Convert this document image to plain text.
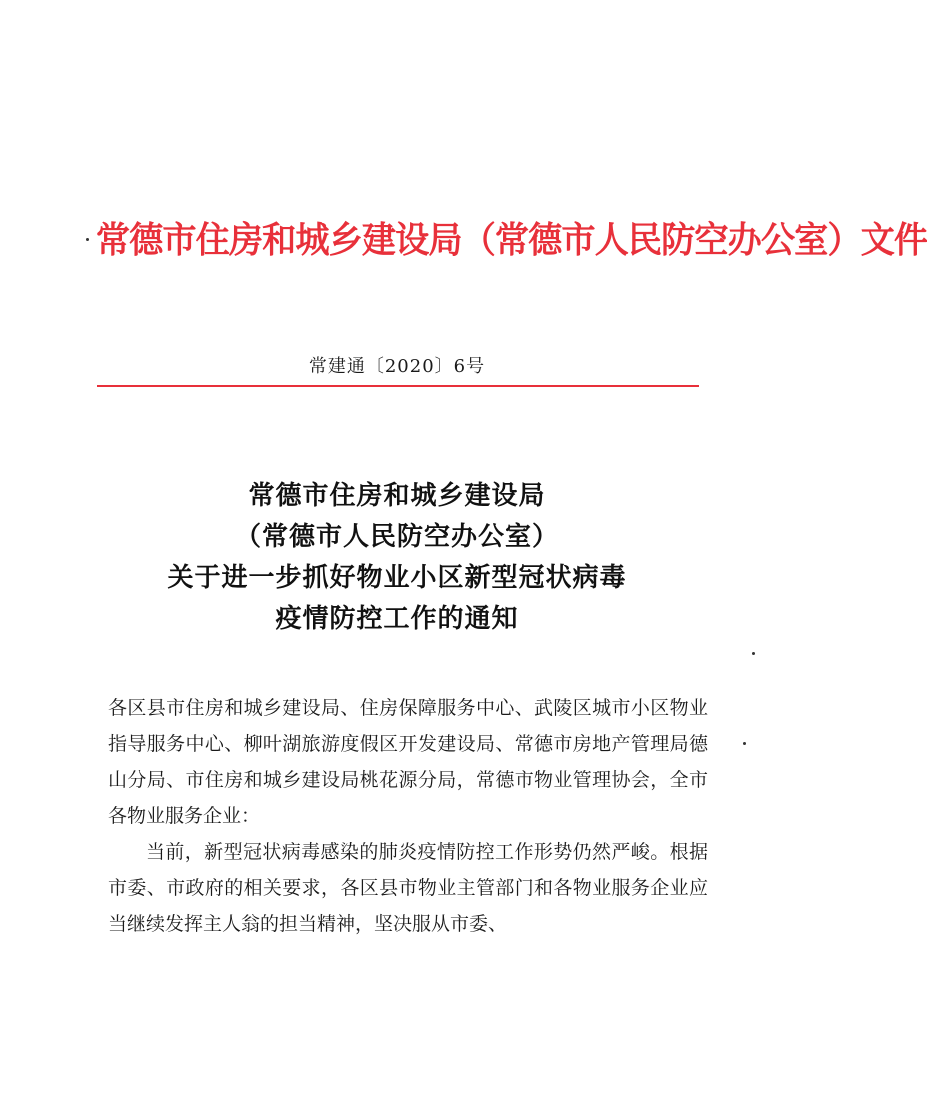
常德市住房和城乡建设局（常德市人民防空办公室）文件
常建通〔2020〕6号
常德市住房和城乡建设局
（常德市人民防空办公室）
关于进一步抓好物业小区新型冠状病毒
疫情防控工作的通知

各区县市住房和城乡建设局、住房保障服务中心、武陵区城市小区物业指导服务中心、柳叶湖旅游度假区开发建设局、常德市房地产管理局德山分局、市住房和城乡建设局桃花源分局，常德市物业管理协会，全市各物业服务企业：

当前，新型冠状病毒感染的肺炎疫情防控工作形势仍然严峻。根据市委、市政府的相关要求，各区县市物业主管部门和各物业服务企业应当继续发挥主人翁的担当精神，坚决服从市委、
